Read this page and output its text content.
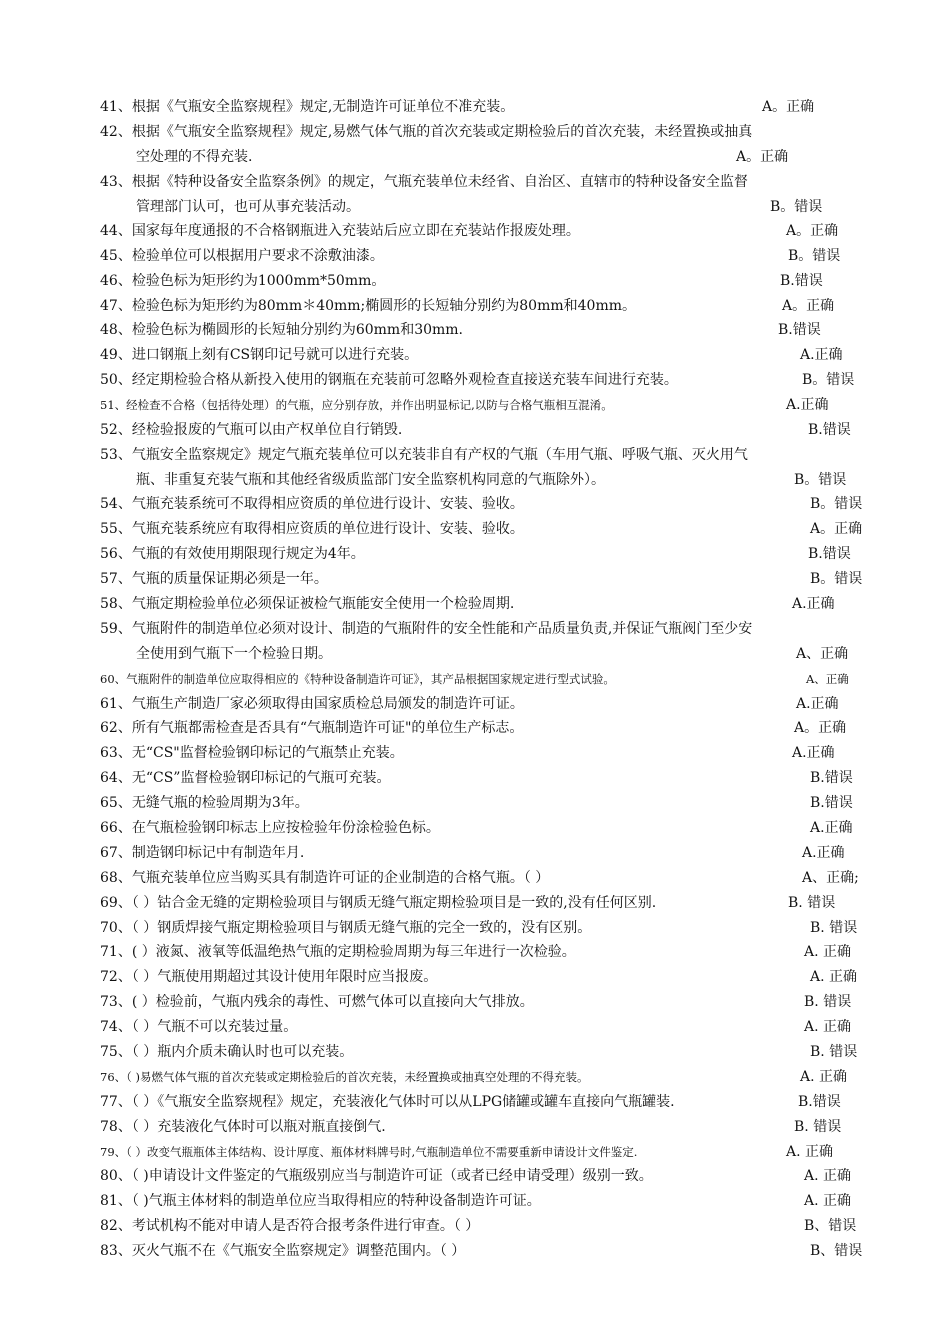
41、根据《气瓶安全监察规程》规定,无制造许可证单位不准充装。	A。正确
42、根据《气瓶安全监察规程》规定,易燃气体气瓶的首次充装或定期检验后的首次充装，未经置换或抽真
空处理的不得充装.	A。正确
43、根据《特种设备安全监察条例》的规定，气瓶充装单位未经省、自治区、直辖市的特种设备安全监督
管理部门认可，也可从事充装活动。	B。错误
44、国家每年度通报的不合格钢瓶进入充装站后应立即在充装站作报废处理。	A。正确
45、检验单位可以根据用户要求不涂敷油漆。	B。错误
46、检验色标为矩形约为1000mm*50mm。	B.错误
47、检验色标为矩形约为80mm＊40mm;椭圆形的长短轴分别约为80mm和40mm。	A。正确
48、检验色标为椭圆形的长短轴分别约为60mm和30mm.	B.错误
49、进口钢瓶上刻有CS钢印记号就可以进行充装。	A.正确
50、经定期检验合格从新投入使用的钢瓶在充装前可忽略外观检查直接送充装车间进行充装。	B。错误
51、经检查不合格（包括待处理）的气瓶，应分别存放，并作出明显标记,以防与合格气瓶相互混淆。	A.正确
52、经检验报废的气瓶可以由产权单位自行销毁.	B.错误
53、气瓶安全监察规定》规定气瓶充装单位可以充装非自有产权的气瓶（车用气瓶、呼吸气瓶、灭火用气
瓶、非重复充装气瓶和其他经省级质监部门安全监察机构同意的气瓶除外）。	B。错误
54、气瓶充装系统可不取得相应资质的单位进行设计、安装、验收。	B。错误
55、气瓶充装系统应有取得相应资质的单位进行设计、安装、验收。	A。正确
56、气瓶的有效使用期限现行规定为4年。	B.错误
57、气瓶的质量保证期必须是一年。	B。错误
58、气瓶定期检验单位必须保证被检气瓶能安全使用一个检验周期.	A.正确
59、气瓶附件的制造单位必须对设计、制造的气瓶附件的安全性能和产品质量负责,并保证气瓶阀门至少安
全使用到气瓶下一个检验日期。	A、正确
60、气瓶附件的制造单位应取得相应的《特种设备制造许可证》，其产品根据国家规定进行型式试验。	A、正确
61、气瓶生产制造厂家必须取得由国家质检总局颁发的制造许可证。	A.正确
62、所有气瓶都需检查是否具有“气瓶制造许可证"的单位生产标志。	A。正确
63、无“CS"监督检验钢印标记的气瓶禁止充装。	A.正确
64、无“CS”监督检验钢印标记的气瓶可充装。	B.错误
65、无缝气瓶的检验周期为3年。	B.错误
66、在气瓶检验钢印标志上应按检验年份涂检验色标。	A.正确
67、制造钢印标记中有制造年月.	A.正确
68、气瓶充装单位应当购买具有制造许可证的企业制造的合格气瓶。（ ）	A、正确;
69、（ ）钴合金无缝的定期检验项目与钢质无缝气瓶定期检验项目是一致的,没有任何区别.	B. 错误
70、（ ）钢质焊接气瓶定期检验项目与钢质无缝气瓶的完全一致的，没有区别。	B. 错误
71、( ）液氮、液氧等低温绝热气瓶的定期检验周期为每三年进行一次检验。	A. 正确
72、（ ）气瓶使用期超过其设计使用年限时应当报废。	A. 正确
73、( ）检验前，气瓶内残余的毒性、可燃气体可以直接向大气排放。	B. 错误
74、（ ）气瓶不可以充装过量。	A. 正确
75、（ ）瓶内介质未确认时也可以充装。	B. 错误
76、（ )易燃气体气瓶的首次充装或定期检验后的首次充装，未经置换或抽真空处理的不得充装。	A. 正确
77、（ ）《气瓶安全监察规程》规定，充装液化气体时可以从LPG储罐或罐车直接向气瓶罐装.	B.错误
78、（ ）充装液化气体时可以瓶对瓶直接倒气.	B. 错误
79、（ ）改变气瓶瓶体主体结构、设计厚度、瓶体材料牌号时,气瓶制造单位不需要重新申请设计文件鉴定.	A. 正确
80、（ )申请设计文件鉴定的气瓶级别应当与制造许可证（或者已经申请受理）级别一致。	A. 正确
81、（ )气瓶主体材料的制造单位应当取得相应的特种设备制造许可证。	A. 正确
82、考试机构不能对申请人是否符合报考条件进行审查。（ ）	B、错误
83、灭火气瓶不在《气瓶安全监察规定》调整范围内。（ ）	B、错误
